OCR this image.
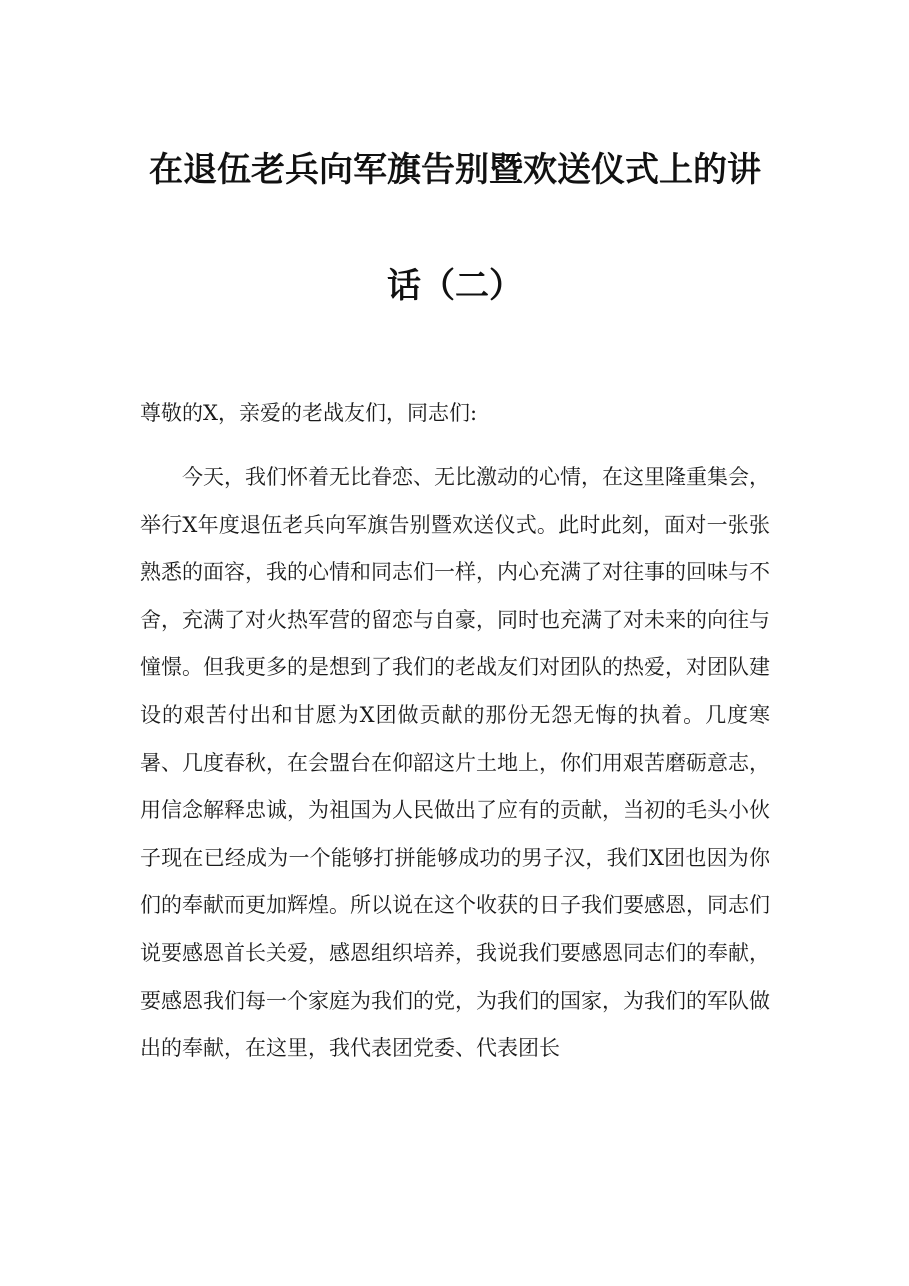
在退伍老兵向军旗告别暨欢送仪式上的讲
话（二）
尊敬的X，亲爱的老战友们，同志们:

今天，我们怀着无比眷恋、无比激动的心情，在这里隆重集会，举行X年度退伍老兵向军旗告别暨欢送仪式。此时此刻，面对一张张熟悉的面容，我的心情和同志们一样，内心充满了对往事的回味与不舍，充满了对火热军营的留恋与自豪，同时也充满了对未来的向往与憧憬。但我更多的是想到了我们的老战友们对团队的热爱，对团队建设的艰苦付出和甘愿为X团做贡献的那份无怨无悔的执着。几度寒暑、几度春秋，在会盟台在仰韶这片土地上，你们用艰苦磨砺意志，用信念解释忠诚，为祖国为人民做出了应有的贡献，当初的毛头小伙子现在已经成为一个能够打拼能够成功的男子汉，我们X团也因为你们的奉献而更加辉煌。所以说在这个收获的日子我们要感恩，同志们说要感恩首长关爱，感恩组织培养，我说我们要感恩同志们的奉献，要感恩我们每一个家庭为我们的党，为我们的国家，为我们的军队做出的奉献，在这里，我代表团党委、代表团长
